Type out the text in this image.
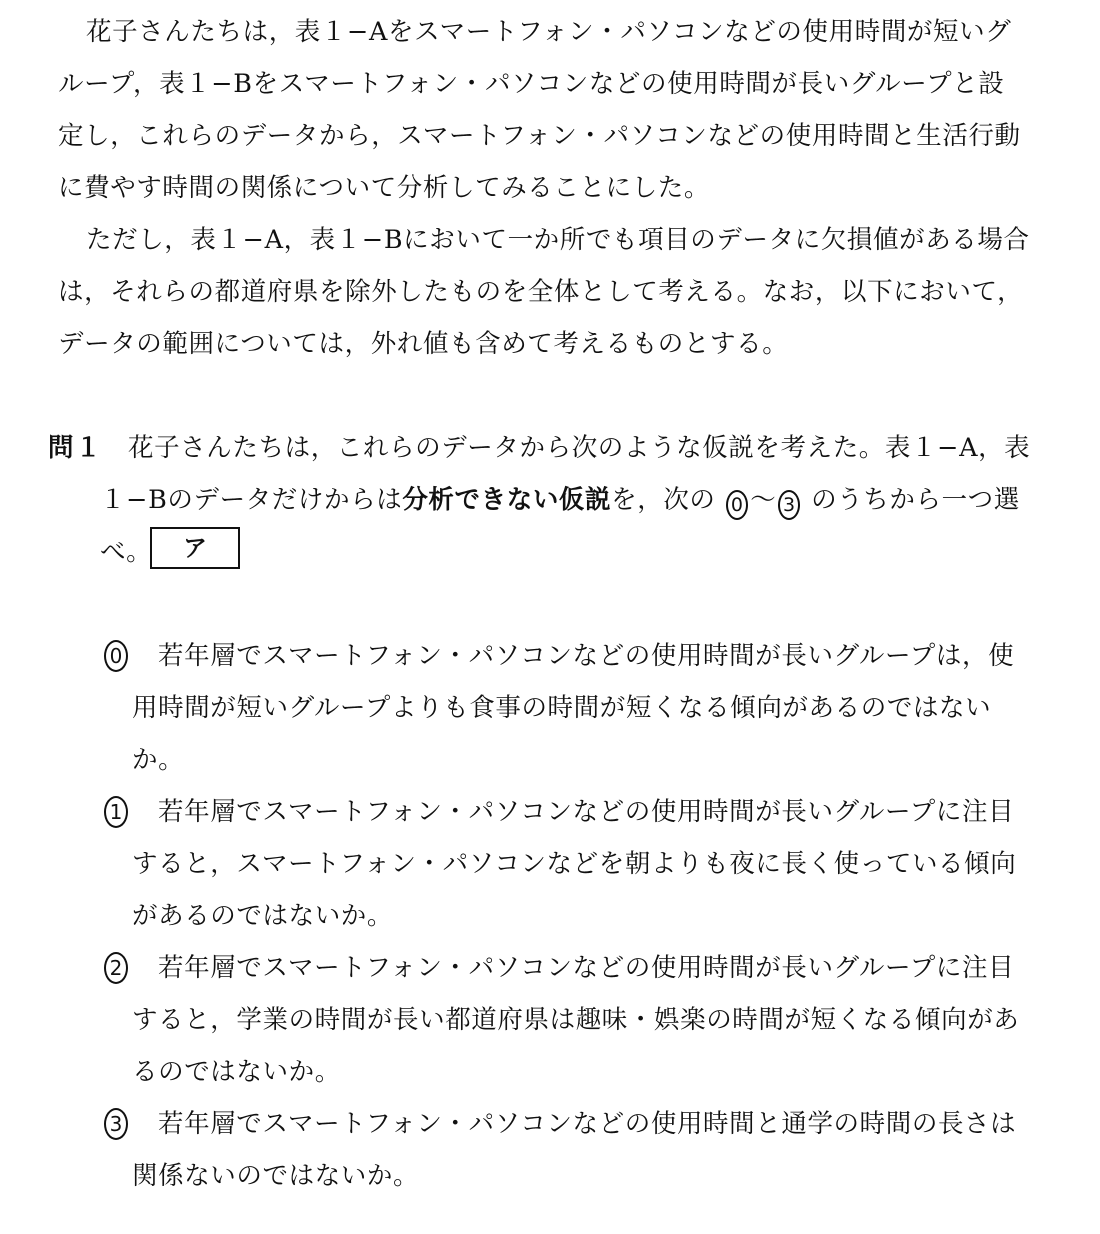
花子さんたちは，表１−Aをスマートフォン・パソコンなどの使用時間が短いグ
ループ，表１−Bをスマートフォン・パソコンなどの使用時間が長いグループと設
定し，これらのデータから，スマートフォン・パソコンなどの使用時間と生活行動
に費やす時間の関係について分析してみることにした。
ただし，表１−A，表１−Bにおいて一か所でも項目のデータに欠損値がある場合
は，それらの都道府県を除外したものを全体として考える。なお，以下において，
データの範囲については，外れ値も含めて考えるものとする。
問１ 花子さんたちは，これらのデータから次のような仮説を考えた。表１−A，表
１−Bのデータだけからは分析できない仮説を，次の 0 ～ 3 のうちから一つ選
べ。	ア
0 若年層でスマートフォン・パソコンなどの使用時間が長いグループは，使
用時間が短いグループよりも食事の時間が短くなる傾向があるのではない
か。
1 若年層でスマートフォン・パソコンなどの使用時間が長いグループに注目
すると，スマートフォン・パソコンなどを朝よりも夜に長く使っている傾向
があるのではないか。
2 若年層でスマートフォン・パソコンなどの使用時間が長いグループに注目
すると，学業の時間が長い都道府県は趣味・娯楽の時間が短くなる傾向があ
るのではないか。
3 若年層でスマートフォン・パソコンなどの使用時間と通学の時間の長さは
関係ないのではないか。
